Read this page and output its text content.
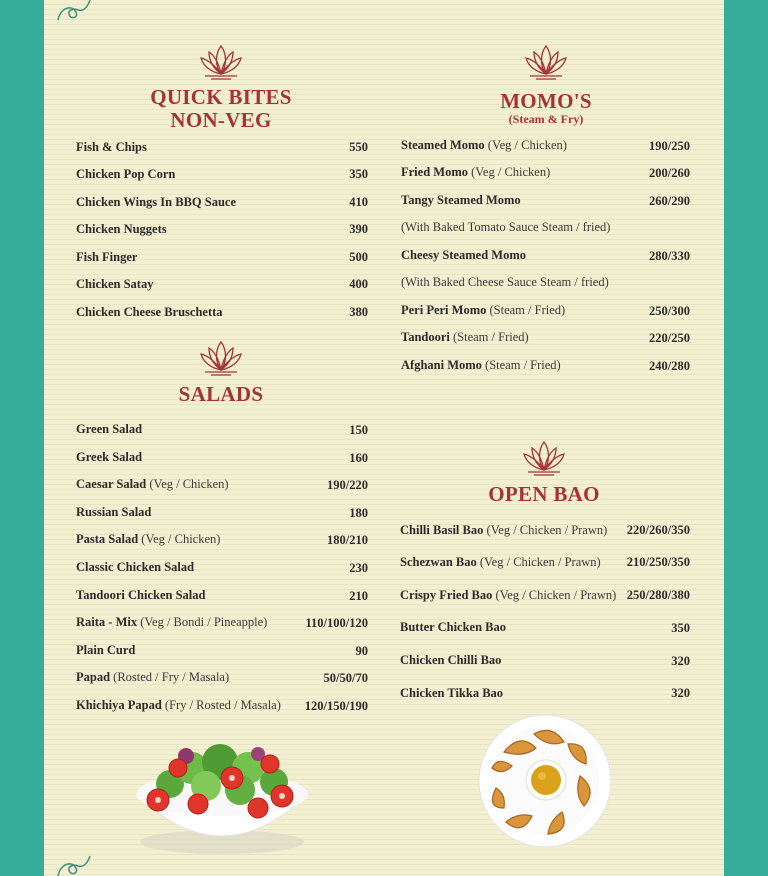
QUICK BITES
NON-VEG
MOMO'S
(Steam & Fry)
SALADS
OPEN BAO
Fish & Chips	550
Chicken Pop Corn	350
Chicken Wings In BBQ Sauce	410
Chicken Nuggets	390
Fish Finger	500
Chicken Satay	400
Chicken Cheese Bruschetta	380
Green Salad	150
Greek Salad	160
Caesar Salad (Veg / Chicken)	190/220
Russian Salad	180
Pasta Salad (Veg / Chicken)	180/210
Classic Chicken Salad	230
Tandoori Chicken Salad	210
Raita - Mix (Veg / Bondi / Pineapple)	110/100/120
Plain Curd	90
Papad (Rosted / Fry / Masala)	50/50/70
Khichiya Papad (Fry / Rosted / Masala)	120/150/190
Steamed Momo (Veg / Chicken)	190/250
Fried Momo (Veg / Chicken)	200/260
Tangy Steamed Momo	260/290
(With Baked Tomato Sauce Steam / fried)
Cheesy Steamed Momo	280/330
(With Baked Cheese Sauce Steam / fried)
Peri Peri Momo (Steam / Fried)	250/300
Tandoori (Steam / Fried)	220/250
Afghani Momo (Steam / Fried)	240/280
Chilli Basil Bao (Veg / Chicken / Prawn)	220/260/350
Schezwan Bao (Veg / Chicken / Prawn)	210/250/350
Crispy Fried Bao (Veg / Chicken / Prawn) 250/280/380
Butter Chicken Bao	350
Chicken Chilli Bao	320
Chicken Tikka Bao	320
